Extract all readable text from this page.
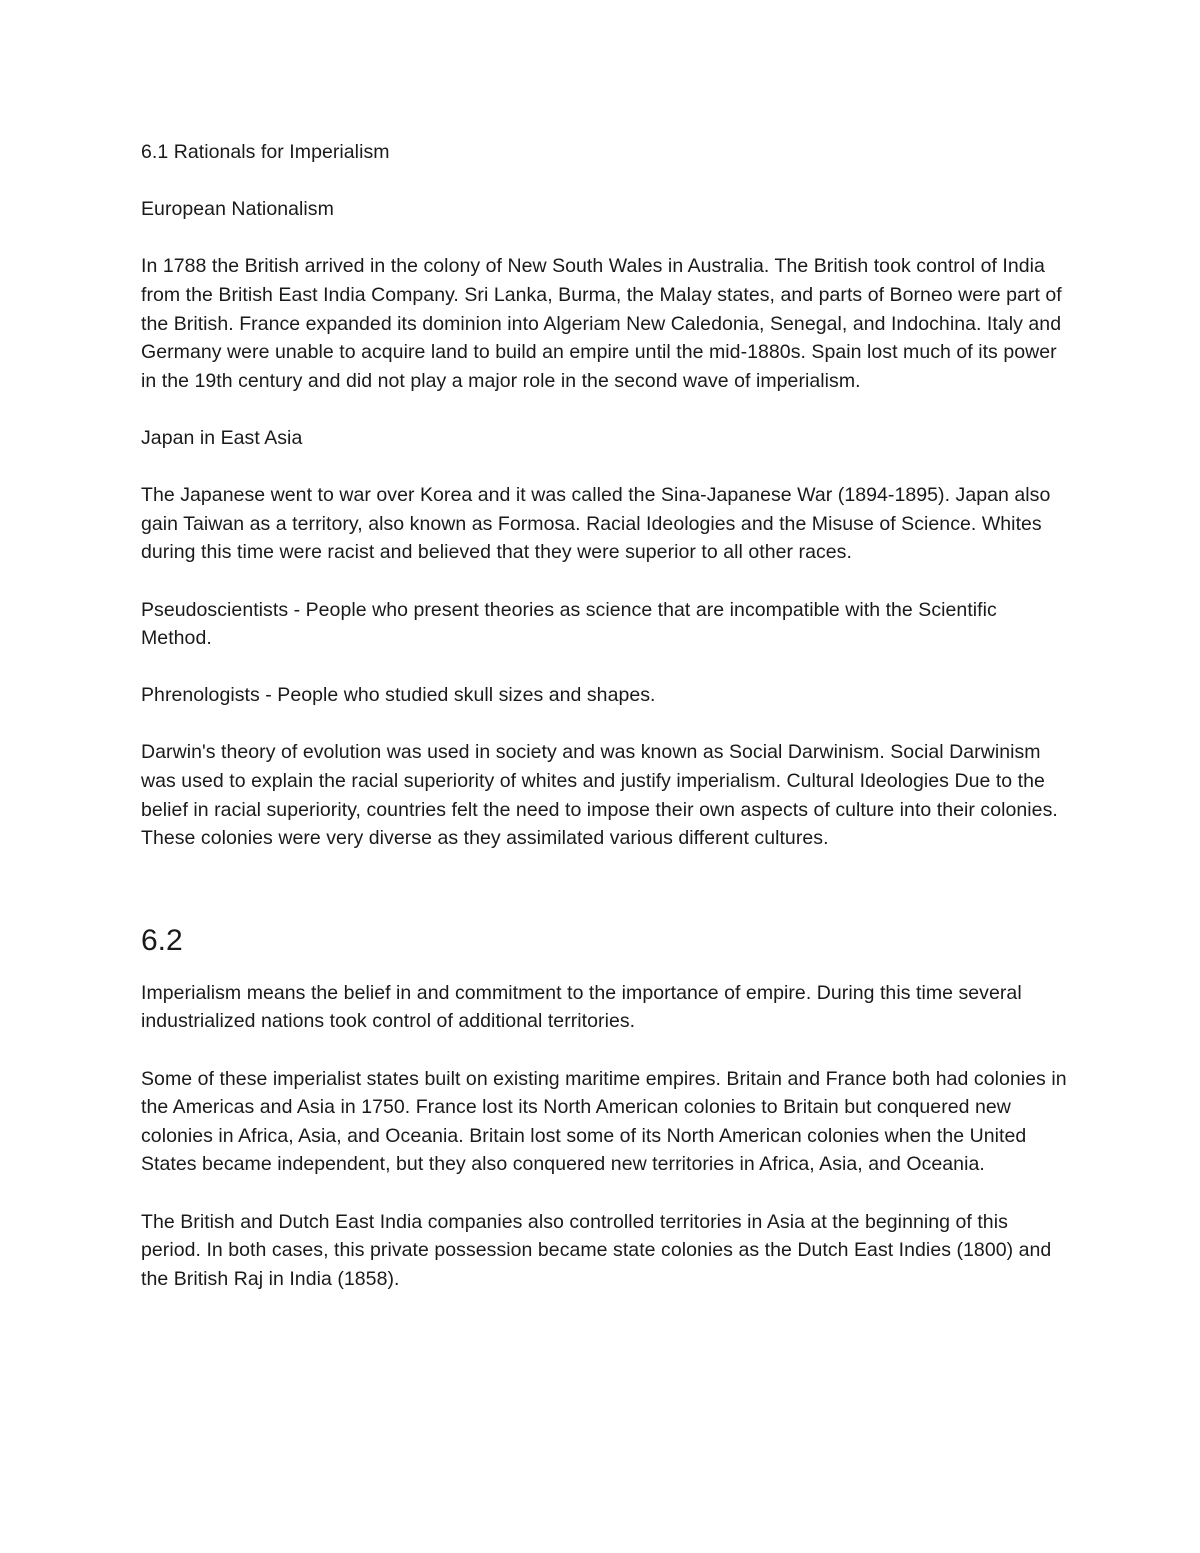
6.1 Rationals for Imperialism

European Nationalism

In 1788 the British arrived in the colony of New South Wales in Australia. The British took control of India from the British East India Company. Sri Lanka, Burma, the Malay states, and parts of Borneo were part of the British. France expanded its dominion into Algeriam New Caledonia, Senegal, and Indochina. Italy and Germany were unable to acquire land to build an empire until the mid-1880s. Spain lost much of its power in the 19th century and did not play a major role in the second wave of imperialism.

Japan in East Asia

The Japanese went to war over Korea and it was called the Sina-Japanese War (1894-1895). Japan also gain Taiwan as a territory, also known as Formosa. Racial Ideologies and the Misuse of Science. Whites during this time were racist and believed that they were superior to all other races.

Pseudoscientists - People who present theories as science that are incompatible with the Scientific Method.

Phrenologists - People who studied skull sizes and shapes.

Darwin's theory of evolution was used in society and was known as Social Darwinism. Social Darwinism was used to explain the racial superiority of whites and justify imperialism. Cultural Ideologies Due to the belief in racial superiority, countries felt the need to impose their own aspects of culture into their colonies. These colonies were very diverse as they assimilated various different cultures.

6.2

Imperialism means the belief in and commitment to the importance of empire. During this time several industrialized nations took control of additional territories.

Some of these imperialist states built on existing maritime empires. Britain and France both had colonies in the Americas and Asia in 1750. France lost its North American colonies to Britain but conquered new colonies in Africa, Asia, and Oceania. Britain lost some of its North American colonies when the United States became independent, but they also conquered new territories in Africa, Asia, and Oceania.

The British and Dutch East India companies also controlled territories in Asia at the beginning of this period. In both cases, this private possession became state colonies as the Dutch East Indies (1800) and the British Raj in India (1858).
